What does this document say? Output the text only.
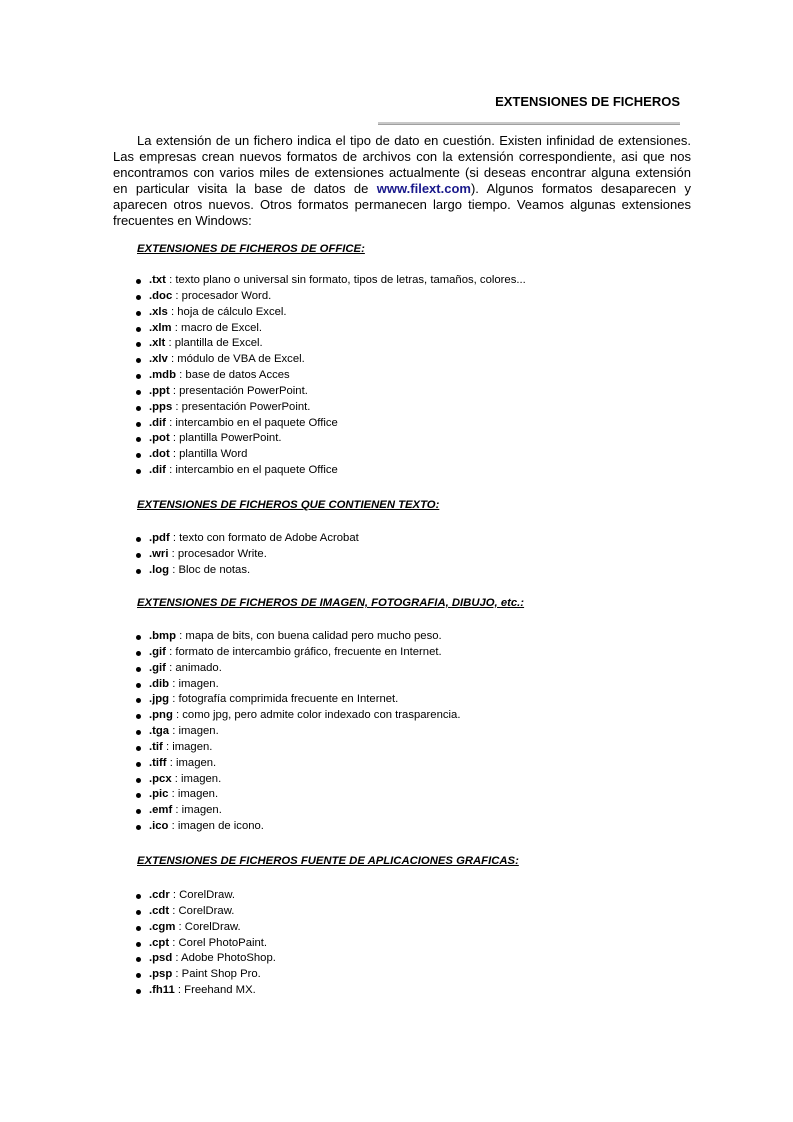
EXTENSIONES DE FICHEROS

La extensión de un fichero indica el tipo de dato en cuestión. Existen infinidad de extensiones. Las empresas crean nuevos formatos de archivos con la extensión correspondiente, asi que nos encontramos con varios miles de extensiones actualmente (si deseas encontrar alguna extensión en particular visita la base de datos de www.filext.com). Algunos formatos desaparecen y aparecen otros nuevos. Otros formatos permanecen largo tiempo. Veamos algunas extensiones frecuentes en Windows:

EXTENSIONES DE FICHEROS DE OFFICE:
.txt : texto plano o universal sin formato, tipos de letras, tamaños, colores...
.doc : procesador Word.
.xls : hoja de cálculo Excel.
.xlm : macro de Excel.
.xlt : plantilla de Excel.
.xlv : módulo de VBA de Excel.
.mdb : base de datos Acces
.ppt : presentación PowerPoint.
.pps : presentación PowerPoint.
.dif : intercambio en el paquete Office
.pot : plantilla PowerPoint.
.dot : plantilla Word
.dif : intercambio en el paquete Office
EXTENSIONES DE FICHEROS QUE CONTIENEN TEXTO:
.pdf : texto con formato de Adobe Acrobat
.wri : procesador Write.
.log : Bloc de notas.
EXTENSIONES DE FICHEROS DE IMAGEN, FOTOGRAFIA, DIBUJO, etc.:
.bmp : mapa de bits, con buena calidad pero mucho peso.
.gif : formato de intercambio gráfico, frecuente en Internet.
.gif : animado.
.dib : imagen.
.jpg : fotografía comprimida frecuente en Internet.
.png : como jpg, pero admite color indexado con trasparencia.
.tga : imagen.
.tif : imagen.
.tiff : imagen.
.pcx : imagen.
.pic : imagen.
.emf : imagen.
.ico : imagen de icono.
EXTENSIONES DE FICHEROS FUENTE DE APLICACIONES GRAFICAS:
.cdr : CorelDraw.
.cdt : CorelDraw.
.cgm : CorelDraw.
.cpt : Corel PhotoPaint.
.psd : Adobe PhotoShop.
.psp : Paint Shop Pro.
.fh11 : Freehand MX.
